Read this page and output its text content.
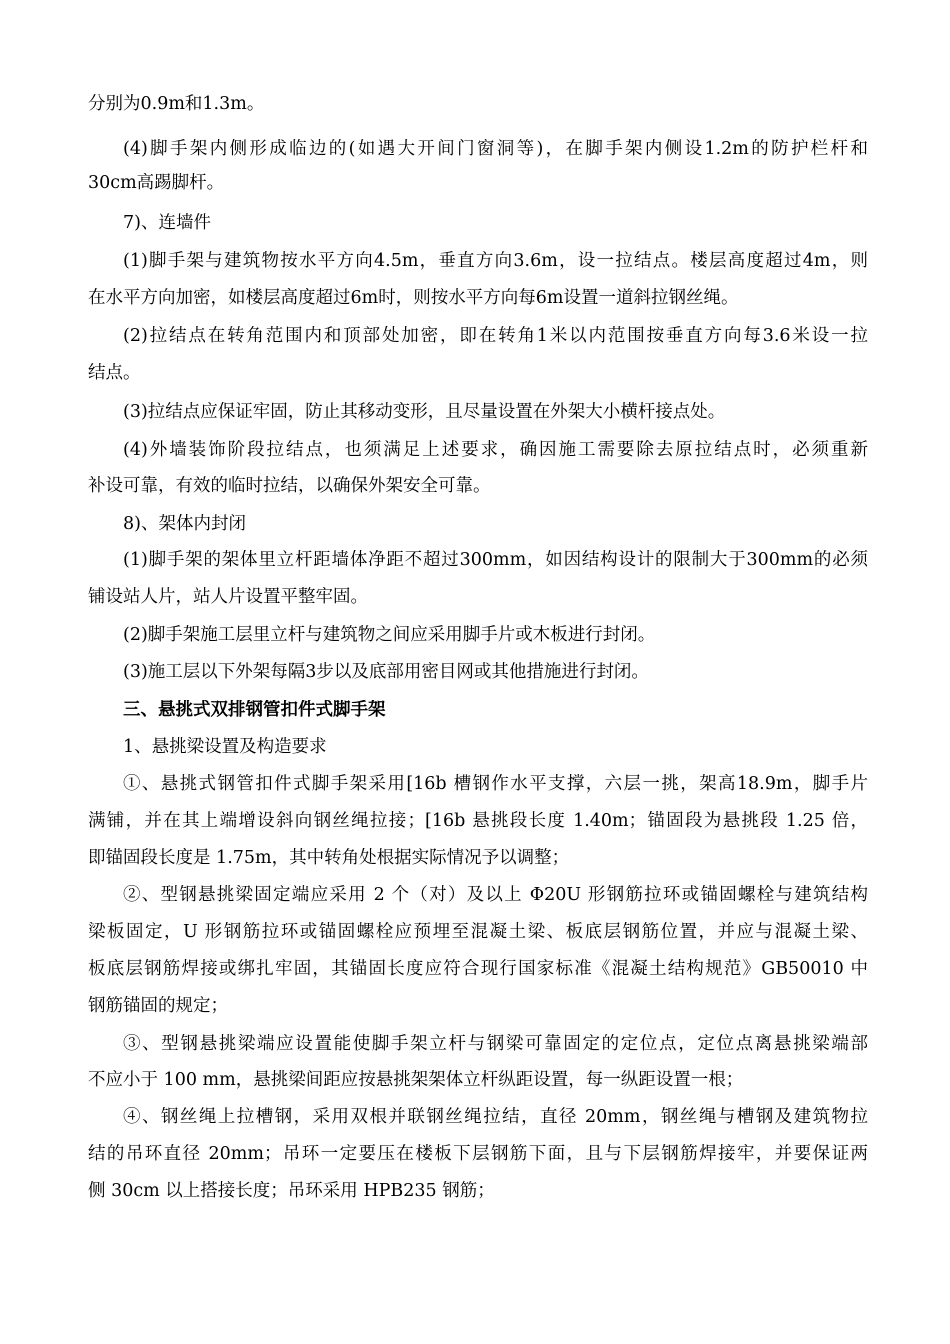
分别为0.9m和1.3m。
(4)脚手架内侧形成临边的(如遇大开间门窗洞等)，在脚手架内侧设1.2m的防护栏杆和
30cm高踢脚杆。
7)、连墙件
(1)脚手架与建筑物按水平方向4.5m，垂直方向3.6m，设一拉结点。楼层高度超过4m，则
在水平方向加密，如楼层高度超过6m时，则按水平方向每6m设置一道斜拉钢丝绳。
(2)拉结点在转角范围内和顶部处加密，即在转角1米以内范围按垂直方向每3.6米设一拉
结点。
(3)拉结点应保证牢固，防止其移动变形，且尽量设置在外架大小横杆接点处。
(4)外墙装饰阶段拉结点，也须满足上述要求，确因施工需要除去原拉结点时，必须重新
补设可靠，有效的临时拉结，以确保外架安全可靠。
8)、架体内封闭
(1)脚手架的架体里立杆距墙体净距不超过300mm，如因结构设计的限制大于300mm的必须
铺设站人片，站人片设置平整牢固。
(2)脚手架施工层里立杆与建筑物之间应采用脚手片或木板进行封闭。
(3)施工层以下外架每隔3步以及底部用密目网或其他措施进行封闭。
三、悬挑式双排钢管扣件式脚手架
1、悬挑梁设置及构造要求
①、悬挑式钢管扣件式脚手架采用[16b 槽钢作水平支撑，六层一挑，架高18.9m，脚手片
满铺，并在其上端增设斜向钢丝绳拉接；[16b 悬挑段长度 1.40m；锚固段为悬挑段 1.25 倍，
即锚固段长度是 1.75m，其中转角处根据实际情况予以调整；
②、型钢悬挑梁固定端应采用 2 个（对）及以上 Φ20U 形钢筋拉环或锚固螺栓与建筑结构
梁板固定，U 形钢筋拉环或锚固螺栓应预埋至混凝土梁、板底层钢筋位置，并应与混凝土梁、
板底层钢筋焊接或绑扎牢固，其锚固长度应符合现行国家标准《混凝土结构规范》GB50010 中
钢筋锚固的规定；
③、型钢悬挑梁端应设置能使脚手架立杆与钢梁可靠固定的定位点，定位点离悬挑梁端部
不应小于 100 mm，悬挑梁间距应按悬挑架架体立杆纵距设置，每一纵距设置一根；
④、钢丝绳上拉槽钢，采用双根并联钢丝绳拉结，直径 20mm，钢丝绳与槽钢及建筑物拉
结的吊环直径 20mm；吊环一定要压在楼板下层钢筋下面，且与下层钢筋焊接牢，并要保证两
侧 30cm 以上搭接长度；吊环采用 HPB235 钢筋；
